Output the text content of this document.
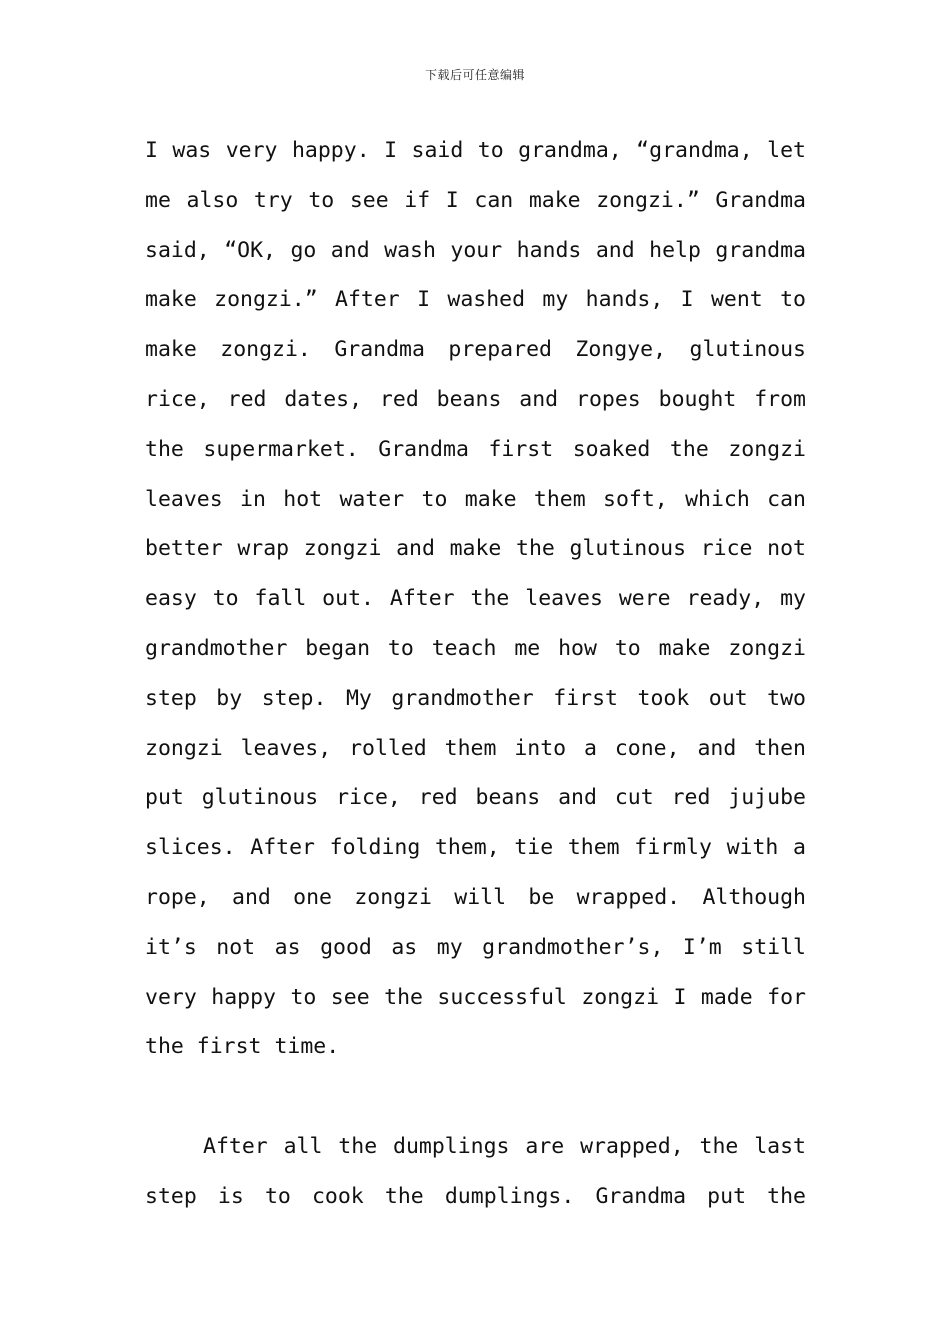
下载后可任意编辑
I was very happy. I said to grandma, “grandma, let
me also try to see if I can make zongzi.” Grandma
said, “OK, go and wash your hands and help grandma
make zongzi.” After I washed my hands, I went to
make zongzi. Grandma prepared Zongye, glutinous
rice, red dates, red beans and ropes bought from
the supermarket. Grandma first soaked the zongzi
leaves in hot water to make them soft, which can
better wrap zongzi and make the glutinous rice not
easy to fall out. After the leaves were ready, my
grandmother began to teach me how to make zongzi
step by step. My grandmother first took out two
zongzi leaves, rolled them into a cone, and then
put glutinous rice, red beans and cut red jujube
slices. After folding them, tie them firmly with a
rope, and one zongzi will be wrapped. Although
it’s not as good as my grandmother’s, I’m still
very happy to see the successful zongzi I made for
the first time.
After all the dumplings are wrapped, the last
step is to cook the dumplings. Grandma put the
